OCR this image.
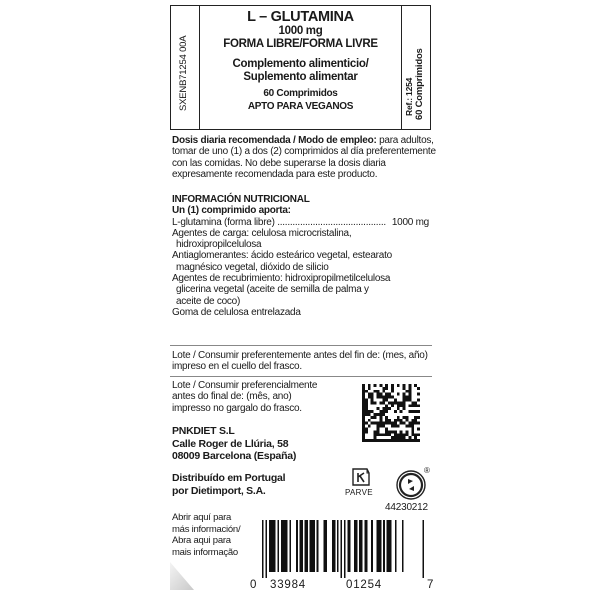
SXENB71254 00A
L – GLUTAMINA
1000 mg
FORMA LIBRE/FORMA LIVRE
Complemento alimenticio/
Suplemento alimentar
60 Comprimidos
APTO PARA VEGANOS	Ref.: 1254 60 Comprimidos
Dosis diaria recomendada / Modo de empleo: para adultos,
tomar de uno (1) a dos (2) comprimidos al día preferentemente
con las comidas. No debe superarse la dosis diaria
expresamente recomendada para este producto.
INFORMACIÓN NUTRICIONAL
Un (1) comprimido aporta:
L-glutamina (forma libre) ........................................... 1000 mg
Agentes de carga: celulosa microcristalina,
hidroxipropilcelulosa
Antiaglomerantes: ácido esteárico vegetal, estearato
magnésico vegetal, dióxido de silicio
Agentes de recubrimiento: hidroxipropilmetilcelulosa
glicerina vegetal (aceite de semilla de palma y
aceite de coco)
Goma de celulosa entrelazada
Lote / Consumir preferentemente antes del fin de: (mes, año)
impreso en el cuello del frasco.
Lote / Consumir preferencialmente
antes do final de: (mês, ano)
impresso no gargalo do frasco.
PNKDIET S.L
Calle Roger de Llúria, 58
08009 Barcelona (España)
Distribuído em Portugal
por Dietimport, S.A.	PARVE
®
44230212
Abrir aquí para
más información/
Abra aqui para
mais informação
0 33984	01254	7
